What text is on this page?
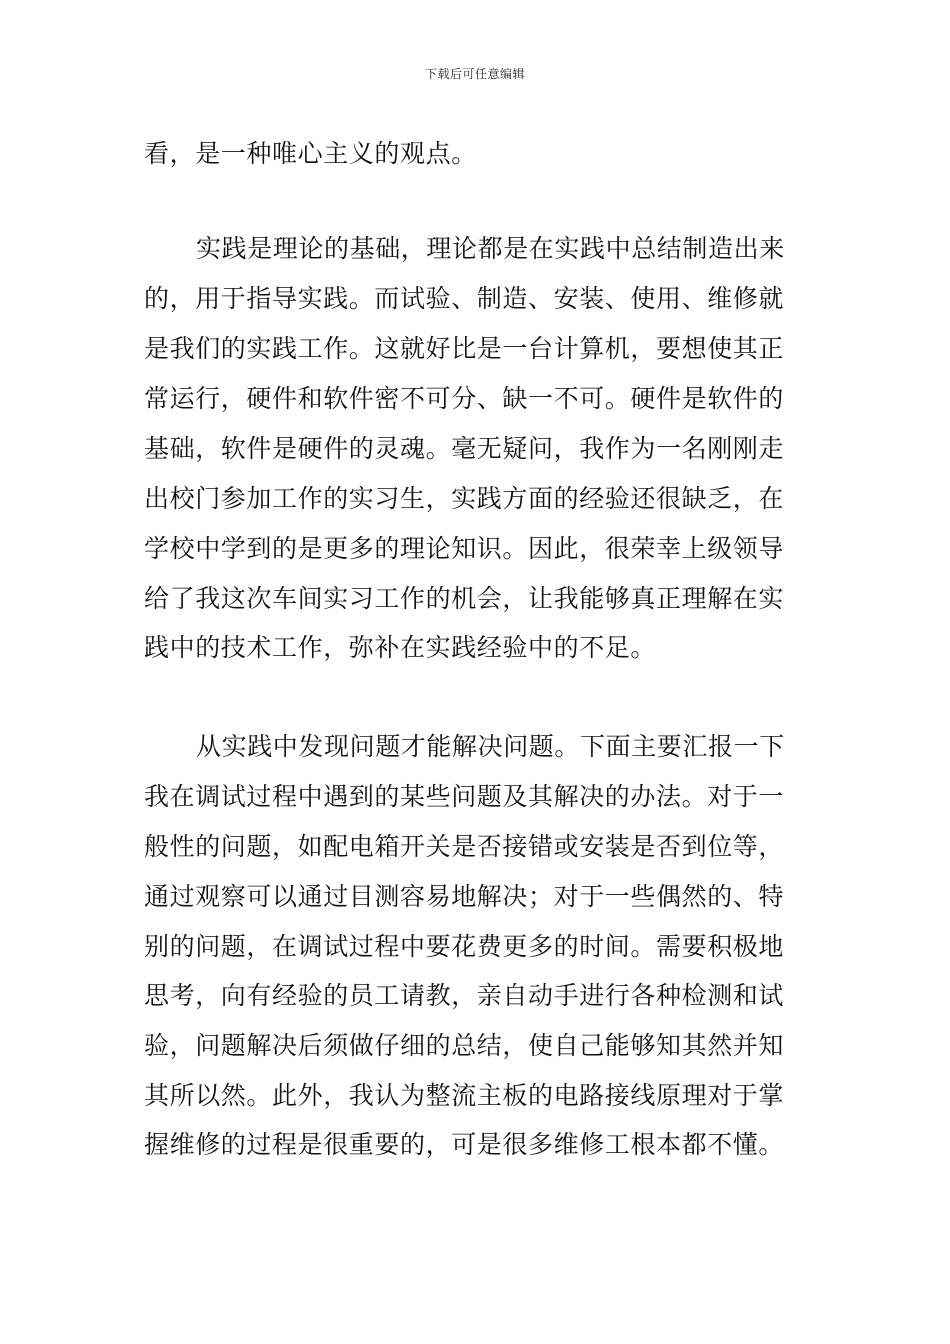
下载后可任意编辑
看，是一种唯心主义的观点。
实践是理论的基础，理论都是在实践中总结制造出来
的，用于指导实践。而试验、制造、安装、使用、维修就
是我们的实践工作。这就好比是一台计算机，要想使其正
常运行，硬件和软件密不可分、缺一不可。硬件是软件的
基础，软件是硬件的灵魂。毫无疑问，我作为一名刚刚走
出校门参加工作的实习生，实践方面的经验还很缺乏，在
学校中学到的是更多的理论知识。因此，很荣幸上级领导
给了我这次车间实习工作的机会，让我能够真正理解在实
践中的技术工作，弥补在实践经验中的不足。
从实践中发现问题才能解决问题。下面主要汇报一下
我在调试过程中遇到的某些问题及其解决的办法。对于一
般性的问题，如配电箱开关是否接错或安装是否到位等，
通过观察可以通过目测容易地解决；对于一些偶然的、特
别的问题，在调试过程中要花费更多的时间。需要积极地
思考，向有经验的员工请教，亲自动手进行各种检测和试
验，问题解决后须做仔细的总结，使自己能够知其然并知
其所以然。此外，我认为整流主板的电路接线原理对于掌
握维修的过程是很重要的，可是很多维修工根本都不懂。
